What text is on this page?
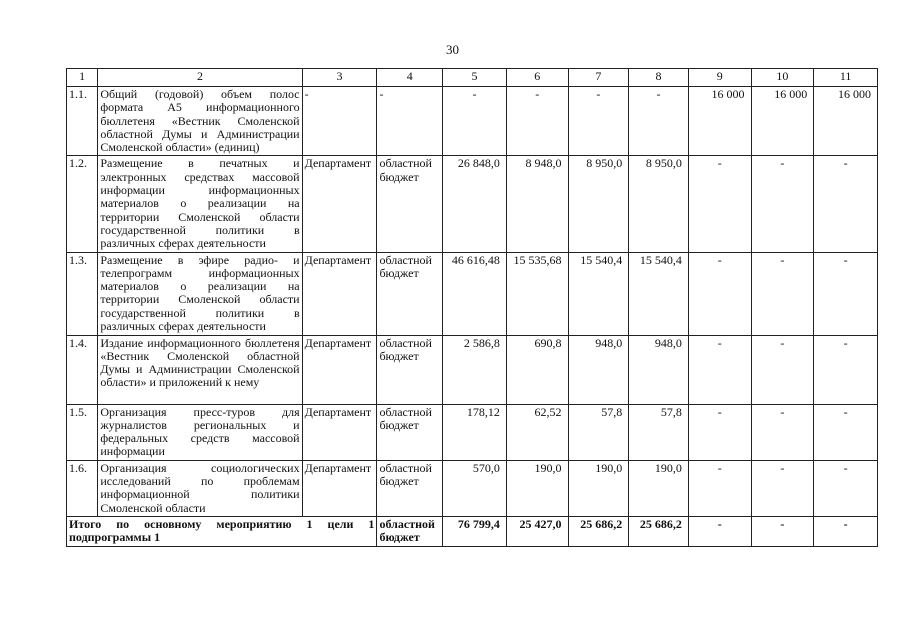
30
1	2	3	4	5	6	7	8	9	10	11
1.1.	Общий (годовой) объем полос формата А5 информационного бюллетеня «Вестник Смоленской областной Думы и Администрации Смоленской области» (единиц)	-	-	-	-	-	-	16 000	16 000	16 000
1.2.	Размещение в печатных и электронных средствах массовой информации информационных материалов о реализации на территории Смоленской области государственной политики в различных сферах деятельности	Департамент	областной бюджет	26 848,0	8 948,0	8 950,0	8 950,0	-	-	-
1.3.	Размещение в эфире радио- и телепрограмм информационных материалов о реализации на территории Смоленской области государственной политики в различных сферах деятельности	Департамент	областной бюджет	46 616,48	15 535,68	15 540,4	15 540,4	-	-	-
1.4.	Издание информационного бюллетеня «Вестник Смоленской областной Думы и Администрации Смоленской области» и приложений к нему	Департамент	областной бюджет	2 586,8	690,8	948,0	948,0	-	-	-
1.5.	Организация пресс-туров для журналистов региональных и федеральных средств массовой информации	Департамент	областной бюджет	178,12	62,52	57,8	57,8	-	-	-
1.6.	Организация социологических исследований по проблемам информационной политики Смоленской области	Департамент	областной бюджет	570,0	190,0	190,0	190,0	-	-	-
Итого по основному мероприятию 1 цели 1 подпрограммы 1			областной бюджет	76 799,4	25 427,0	25 686,2	25 686,2	-	-	-
